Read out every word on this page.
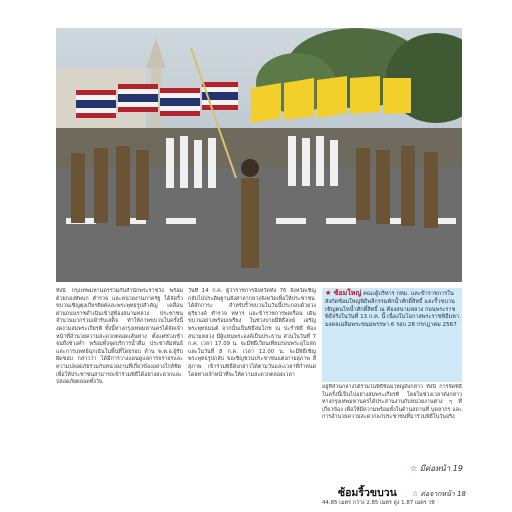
ทั้งนี้ กรุงเทพมหานครร่วมกับสำนักพระราชวัง พร้อมด้วยกองทัพบก ตำรวจ และหน่วยงานภาครัฐ ได้จัดริ้วขบวนเชิญตุงเกียรติยศและพระพุทธรูปสำคัญ เคลื่อนผ่านถนนราชดำเนินเข้าสู่ท้องสนามหลวง ประชาชนจำนวนมากร่วมเฝ้ารับเสด็จ ทำให้ภาพขบวนในครั้งนี้งดงามสมพระเกียรติ ทั้งนี้ทางกรุงเทพมหานครได้จัดเจ้าหน้าที่อำนวยความสะดวกตลอดเส้นทาง ตั้งแต่ช่วงเช้าจนถึงช่วงค่ำ พร้อมทั้งจุดบริการน้ำดื่ม ประชาสัมพันธ์และการแพทย์ฉุกเฉินในพื้นที่โดยรอบ ด้าน พ.ต.อ.ผู้รับผิดชอบ กล่าวว่า ได้มีการวางแผนดูแลการจราจรและความปลอดภัยร่วมกับหน่วยงานที่เกี่ยวข้องอย่างใกล้ชิด เพื่อให้ประชาชนสามารถเข้าร่วมพิธีได้อย่างสะดวกและปลอดภัยตลอดทั้งวัน

วันที่ 14 ก.ค. ผู้ว่าราชการจังหวัดทั้ง 76 จังหวัดเชิญกลับไปประดิษฐานยังศาลากลางจังหวัดเพื่อให้ประชาชนได้สักการะ สำหรับริ้วขบวนในวันนี้ประกอบด้วยวงดุริยางค์ ตำรวจ ทหาร และข้าราชการพลเรือน เดินขบวนอย่างพร้อมเพรียง ในช่วงบ่ายมีพิธีสงฆ์ เจริญพระพุทธมนต์ จากนั้นเป็นพิธีสมโภช ณ ปะรำพิธี ท้องสนามหลวง มีผู้แทนพระองค์เป็นประธาน ส่วนในวันที่ 7 ก.ค. เวลา 17.09 น. จะมีพิธีเวียนเทียนรอบพระอุโบสถ และในวันที่ 8 ก.ค. เวลา 12.00 น. จะมีพิธีเชิญพระพุทธรูปกลับ ขอเชิญชวนประชาชนแต่งกายสุภาพ สีสุภาพ เข้าร่วมพิธีดังกล่าวได้ตามวันและเวลาที่กำหนด โดยทางเจ้าหน้าที่จะให้ความสะดวกตลอดเวลา

★ ซ้อมใหญ่ คณะผู้บริหาร กทม. และข้าราชการในสังกัดซ้อมใหญ่พิธีพลีกรรมตักน้ำศักดิ์สิทธิ์ และริ้วขบวนเชิญคนโทน้ำศักดิ์สิทธิ์ ณ ท้องสนามหลวง ก่อนพระราชพิธีจริงในวันที่ 13 ก.ค. นี้ เนื่องในโอกาสพระราชพิธีมหามงคลเฉลิมพระชนมพรรษา 6 รอบ 28 กรกฎาคม 2567

อยู่ที่ส่วนกลางได้ร่วมในพิธีซ้อมใหญ่ดังกล่าว ทั้งนี้ การจัดพิธีในครั้งนี้เป็นไปอย่างสมพระเกียรติ โดยในช่วงเวลาดังกล่าวทางกรุงเทพมหานครได้ประสานงานกับหน่วยงานต่าง ๆ ที่เกี่ยวข้อง เพื่อให้มีความพร้อมทั้งในด้านสถานที่ บุคลากร และการอำนวยความสะดวกแก่ประชาชนที่มาร่วมพิธีในวันจริง

☆ มีต่อหน้า 19
ซ้อมริ้วขบวน ☆ ต่อจากหน้า 18
44.85 เมตร กว้าง 2.85 เมตร สูง 1.87 เมตร ใช้
